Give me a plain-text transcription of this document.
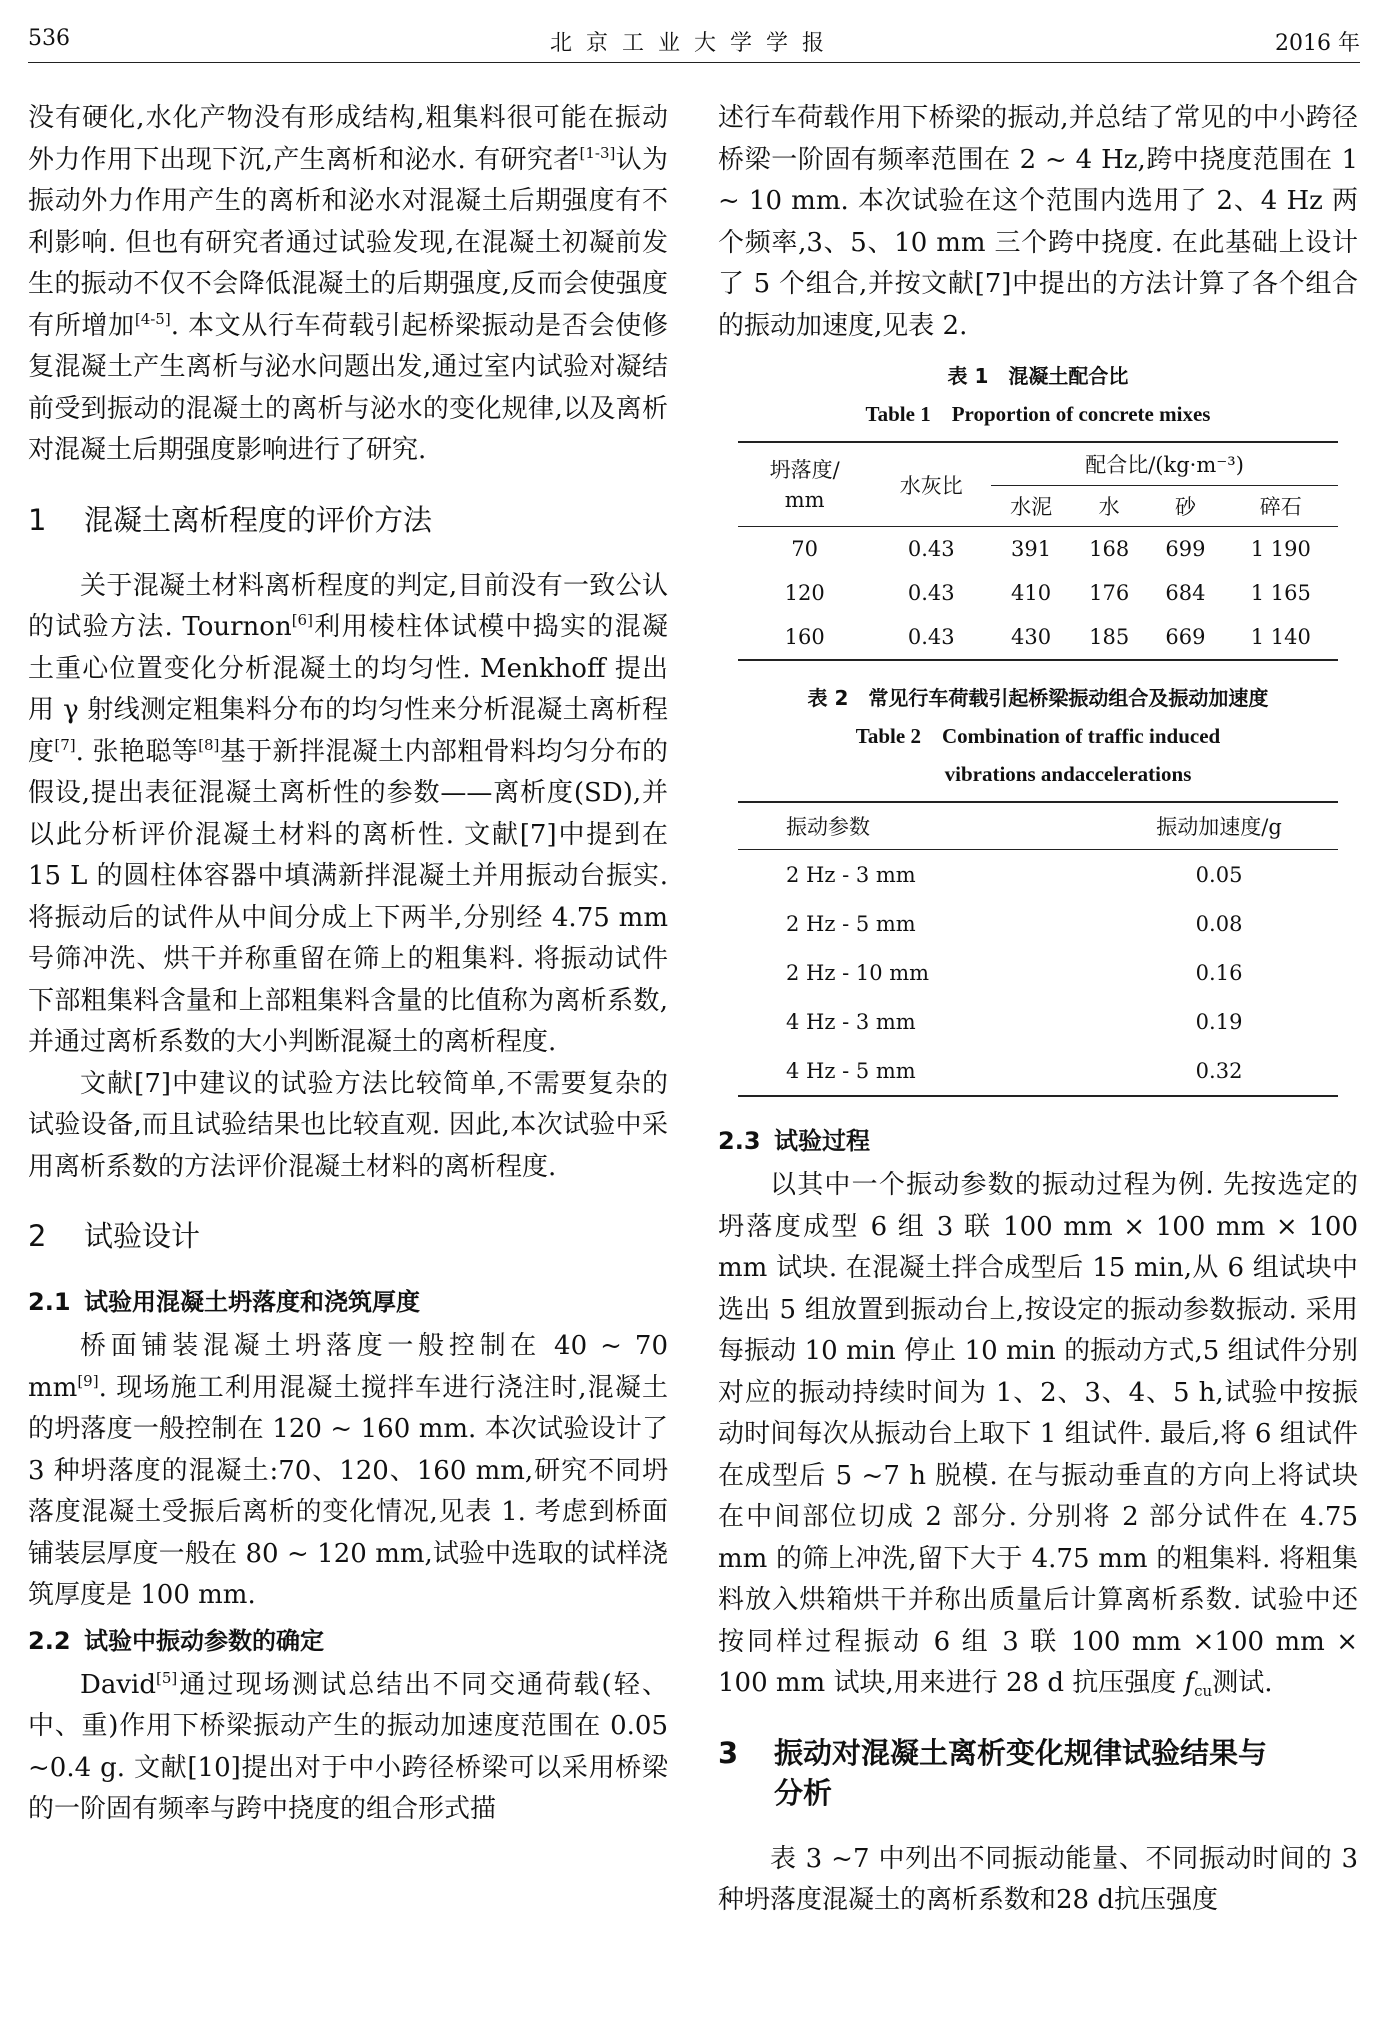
536	北京工业大学学报	2016 年

没有硬化,水化产物没有形成结构,粗集料很可能在振动外力作用下出现下沉,产生离析和泌水. 有研究者[1-3]认为振动外力作用产生的离析和泌水对混凝土后期强度有不利影响. 但也有研究者通过试验发现,在混凝土初凝前发生的振动不仅不会降低混凝土的后期强度,反而会使强度有所增加[4-5]. 本文从行车荷载引起桥梁振动是否会使修复混凝土产生离析与泌水问题出发,通过室内试验对凝结前受到振动的混凝土的离析与泌水的变化规律,以及离析对混凝土后期强度影响进行了研究.

1 混凝土离析程度的评价方法

关于混凝土材料离析程度的判定,目前没有一致公认的试验方法. Tournon[6]利用棱柱体试模中捣实的混凝土重心位置变化分析混凝土的均匀性. Menkhoff 提出用 γ 射线测定粗集料分布的均匀性来分析混凝土离析程度[7]. 张艳聪等[8]基于新拌混凝土内部粗骨料均匀分布的假设,提出表征混凝土离析性的参数——离析度(SD),并以此分析评价混凝土材料的离析性. 文献[7]中提到在 15 L 的圆柱体容器中填满新拌混凝土并用振动台振实. 将振动后的试件从中间分成上下两半,分别经 4.75 mm 号筛冲洗、烘干并称重留在筛上的粗集料. 将振动试件下部粗集料含量和上部粗集料含量的比值称为离析系数,并通过离析系数的大小判断混凝土的离析程度.

文献[7]中建议的试验方法比较简单,不需要复杂的试验设备,而且试验结果也比较直观. 因此,本次试验中采用离析系数的方法评价混凝土材料的离析程度.

2 试验设计
2.1 试验用混凝土坍落度和浇筑厚度

桥面铺装混凝土坍落度一般控制在 40 ~ 70 mm[9]. 现场施工利用混凝土搅拌车进行浇注时,混凝土的坍落度一般控制在 120 ~ 160 mm. 本次试验设计了 3 种坍落度的混凝土:70、120、160 mm,研究不同坍落度混凝土受振后离析的变化情况,见表 1. 考虑到桥面铺装层厚度一般在 80 ~ 120 mm,试验中选取的试样浇筑厚度是 100 mm.

2.2 试验中振动参数的确定

David[5]通过现场测试总结出不同交通荷载(轻、中、重)作用下桥梁振动产生的振动加速度范围在 0.05 ~0.4 g. 文献[10]提出对于中小跨径桥梁可以采用桥梁的一阶固有频率与跨中挠度的组合形式描

述行车荷载作用下桥梁的振动,并总结了常见的中小跨径桥梁一阶固有频率范围在 2 ~ 4 Hz,跨中挠度范围在 1 ~ 10 mm. 本次试验在这个范围内选用了 2、4 Hz 两个频率,3、5、10 mm 三个跨中挠度. 在此基础上设计了 5 个组合,并按文献[7]中提出的方法计算了各个组合的振动加速度,见表 2.

表 1　混凝土配合比
Table 1　Proportion of concrete mixes
坍落度/
mm	水灰比	配合比/(kg·m⁻³)			
		水泥	水	砂	碎石
70	0.43	391	168	699	1 190
120	0.43	410	176	684	1 165
160	0.43	430	185	669	1 140
表 2　常见行车荷载引起桥梁振动组合及振动加速度
Table 2　Combination of traffic induced
vibrations andaccelerations
振动参数	振动加速度/g
2 Hz - 3 mm	0.05
2 Hz - 5 mm	0.08
2 Hz - 10 mm	0.16
4 Hz - 3 mm	0.19
4 Hz - 5 mm	0.32
2.3 试验过程

以其中一个振动参数的振动过程为例. 先按选定的坍落度成型 6 组 3 联 100 mm × 100 mm × 100 mm 试块. 在混凝土拌合成型后 15 min,从 6 组试块中选出 5 组放置到振动台上,按设定的振动参数振动. 采用每振动 10 min 停止 10 min 的振动方式,5 组试件分别对应的振动持续时间为 1、2、3、4、5 h,试验中按振动时间每次从振动台上取下 1 组试件. 最后,将 6 组试件在成型后 5 ~7 h 脱模. 在与振动垂直的方向上将试块在中间部位切成 2 部分. 分别将 2 部分试件在 4.75 mm 的筛上冲洗,留下大于 4.75 mm 的粗集料. 将粗集料放入烘箱烘干并称出质量后计算离析系数. 试验中还按同样过程振动 6 组 3 联 100 mm ×100 mm × 100 mm 试块,用来进行 28 d 抗压强度 $f_{cu}$测试.

3 振动对混凝土离析变化规律试验结果与
分析

表 3 ~7 中列出不同振动能量、不同振动时间的 3种坍落度混凝土的离析系数和28 d抗压强度
